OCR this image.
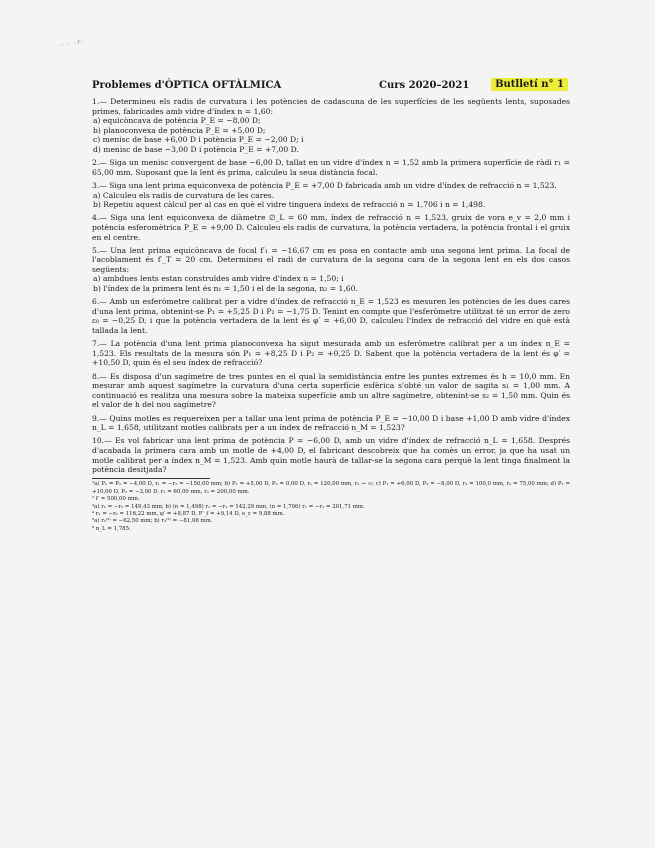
·· · ·²·
Problemes d'ÒPTICA OFTÀLMICA	Curs 2020–2021	Butlletí n° 1
1.— Determineu els radis de curvatura i les potències de cadascuna de les superfícies de les següents lents, suposades primes, fabricades amb vidre d'índex n = 1,60:
a) equicòncava de potència P_E = −8,00 D;
b) planoconvexa de potència P_E = +5,00 D;
c) menisc de base +6,00 D i potència P_E = −2,00 D; i
d) menisc de base −3,00 D i potència P_E = +7,00 D.
2.— Siga un menisc convergent de base −6,00 D, tallat en un vidre d'índex n = 1,52 amb la primera superfície de ràdi r₁ = 65,00 mm. Suposant que la lent és prima, calculeu la seua distància focal.
3.— Siga una lent prima equiconvexa de potència P_E = +7,00 D fabricada amb un vidre d'índex de refracció n = 1,523.
a) Calculeu els radis de curvatura de les cares.
b) Repetiu aquest càlcul per al cas en què el vidre tinguera índexs de refracció n = 1,706 i n = 1,498.
4.— Siga una lent equiconvexa de diàmetre ∅_L = 60 mm, índex de refracció n = 1,523, gruix de vora e_v = 2,0 mm i potència esferomètrica P_E = +9,00 D. Calculeu els radis de curvatura, la potència vertadera, la potència frontal i el gruix en el centre.
5.— Una lent prima equicòncava de focal f′₁ = −16,67 cm es posa en contacte amb una segona lent prima. La focal de l'acoblament és f′_T = 20 cm. Determineu el radi de curvatura de la segona cara de la segona lent en els dos casos següents:
a) ambdues lents estan construïdes amb vidre d'índex n = 1,50; i
b) l'índex de la primera lent és n₁ = 1,50 i el de la segona, n₂ = 1,60.
6.— Amb un esferòmetre calibrat per a vidre d'índex de refracció n_E = 1,523 es mesuren les potències de les dues cares d'una lent prima, obtenint-se P₁ = +5,25 D i P₂ = −1,75 D. Tenint en compte que l'esferòmetre utilitzat té un error de zero ε₀ = −0,25 D, i que la potència vertadera de la lent és φ′ = +6,00 D, calculeu l'índex de refracció del vidre en què està tallada la lent.
7.— La potència d'una lent prima planoconvexa ha sigut mesurada amb un esferòmetre calibrat per a un índex n_E = 1,523. Els resultats de la mesura són P₁ = +8,25 D i P₂ = +0,25 D. Sabent que la potència vertadera de la lent és φ′ = +10,50 D, quin és el seu índex de refracció?
8.— Es disposa d'un sagímetre de tres puntes en el qual la semidistància entre les puntes extremes és h = 10,0 mm. En mesurar amb aquest sagímetre la curvatura d'una certa superfície esfèrica s'obté un valor de sagita s₁ = 1,00 mm. A continuació es realitza una mesura sobre la mateixa superfície amb un altre sagímetre, obtenint-se s₂ = 1,50 mm. Quin és el valor de h del nou sagímetre?
9.— Quins motles es requereixen per a tallar una lent prima de potència P_E = −10,00 D i base +1,00 D amb vidre d'índex n_L = 1,658, utilitzant motles calibrats per a un índex de refracció n_M = 1,523?
10.— Es vol fabricar una lent prima de potència P = −6,00 D, amb un vidre d'índex de refracció n_L = 1,658. Després d'acabada la primera cara amb un motle de +4,00 D, el fabricant descobreix que ha comès un error, ja que ha usat un motle calibrat per a índex n_M = 1,523. Amb quin motle haurà de tallar-se la segona cara perquè la lent tinga finalment la potència desitjada?
¹a) P₁ = P₂ = −4,00 D, r₁ = −r₂ = −150,00 mm; b) P₁ = +5,00 D, P₂ = 0,00 D, r₁ = 120,00 mm, r₂ → ∞; c) P₁ = +6,00 D, P₂ = −8,00 D, r₁ = 100,0 mm, r₂ = 75,00 mm; d) P₁ = +10,00 D, P₂ = −3,00 D, r₁ = 60,00 mm, r₂ = 200,00 mm.
² f′ = 500,00 mm.
³a) r₁ = −r₂ = 149,43 mm; b) (n = 1,498) r₁ = −r₂ = 142,29 mm, (n = 1,706) r₁ = −r₂ = 201,71 mm.
⁴ r₁ = −r₂ = 116,22 mm, φ′ = +8,87 D, P′_f = +9,14 D, e_c = 9,88 mm.
⁵a) r₂⁽²⁾ = −62,50 mm; b) r₂⁽²⁾ = −81,08 mm.
⁶ n_L = 1,785.
